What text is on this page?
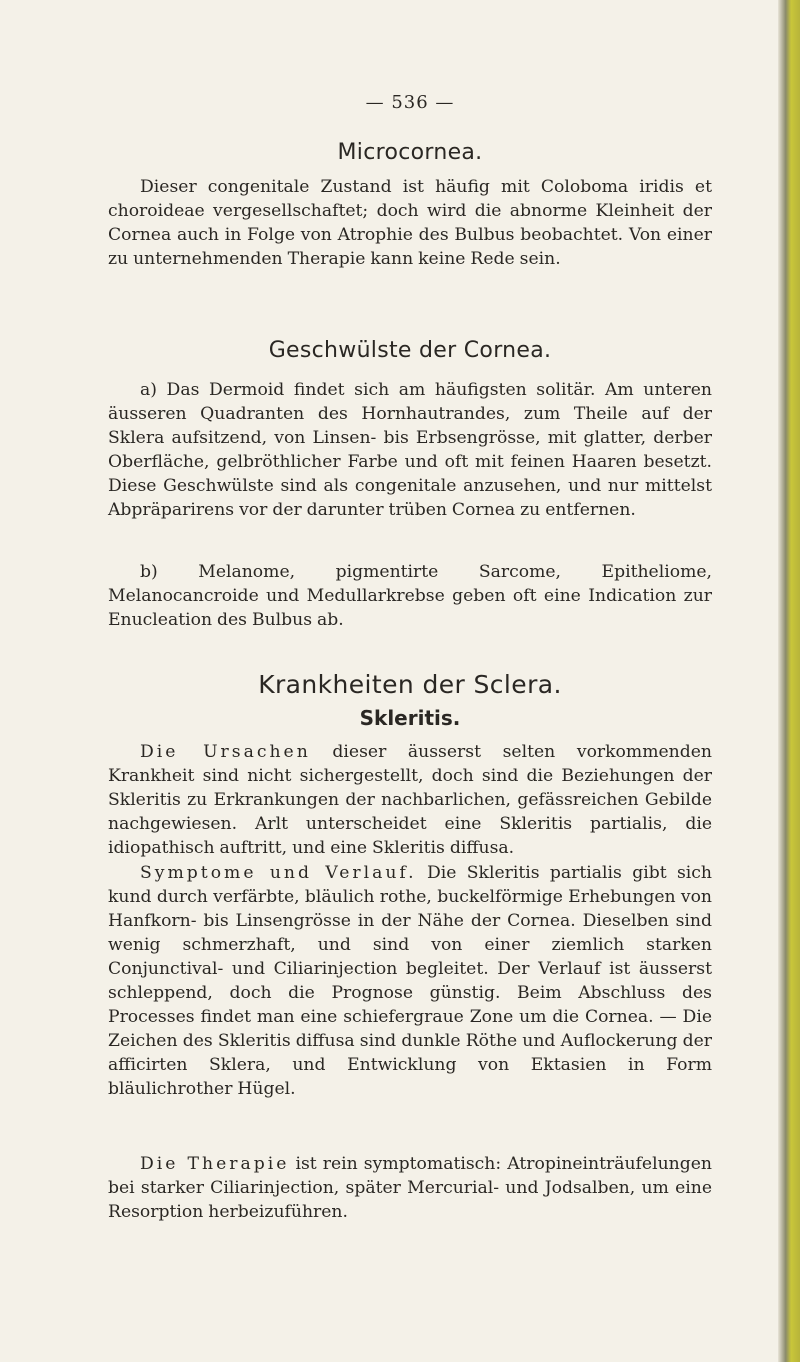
— 536 —
Microcornea.
Dieser congenitale Zustand ist häufig mit Coloboma iridis et choroideae vergesellschaftet; doch wird die abnorme Kleinheit der Cornea auch in Folge von Atrophie des Bulbus beobachtet. Von einer zu unternehmenden Therapie kann keine Rede sein.
Geschwülste der Cornea.
a) Das Dermoid findet sich am häufigsten solitär. Am unteren äusseren Quadranten des Hornhautrandes, zum Theile auf der Sklera aufsitzend, von Linsen- bis Erbsengrösse, mit glatter, derber Oberfläche, gelbröthlicher Farbe und oft mit feinen Haaren besetzt. Diese Geschwülste sind als congenitale anzusehen, und nur mittelst Abpräparirens vor der darunter trüben Cornea zu entfernen.
b) Melanome, pigmentirte Sarcome, Epitheliome, Melanocancroide und Medullarkrebse geben oft eine Indication zur Enucleation des Bulbus ab.
Krankheiten der Sclera.
Skleritis.
Die Ursachen dieser äusserst selten vorkommenden Krankheit sind nicht sichergestellt, doch sind die Beziehungen der Skleritis zu Erkrankungen der nachbarlichen, gefässreichen Gebilde nachgewiesen. Arlt unterscheidet eine Skleritis partialis, die idiopathisch auftritt, und eine Skleritis diffusa.
Symptome und Verlauf. Die Skleritis partialis gibt sich kund durch verfärbte, bläulich rothe, buckelförmige Erhebungen von Hanfkorn- bis Linsengrösse in der Nähe der Cornea. Dieselben sind wenig schmerzhaft, und sind von einer ziemlich starken Conjunctival- und Ciliarinjection begleitet. Der Verlauf ist äusserst schleppend, doch die Prognose günstig. Beim Abschluss des Processes findet man eine schiefergraue Zone um die Cornea. — Die Zeichen des Skleritis diffusa sind dunkle Röthe und Auflockerung der afficirten Sklera, und Entwicklung von Ektasien in Form bläulichrother Hügel.
Die Therapie ist rein symptomatisch: Atropineinträufelungen bei starker Ciliarinjection, später Mercurial- und Jodsalben, um eine Resorption herbeizuführen.
